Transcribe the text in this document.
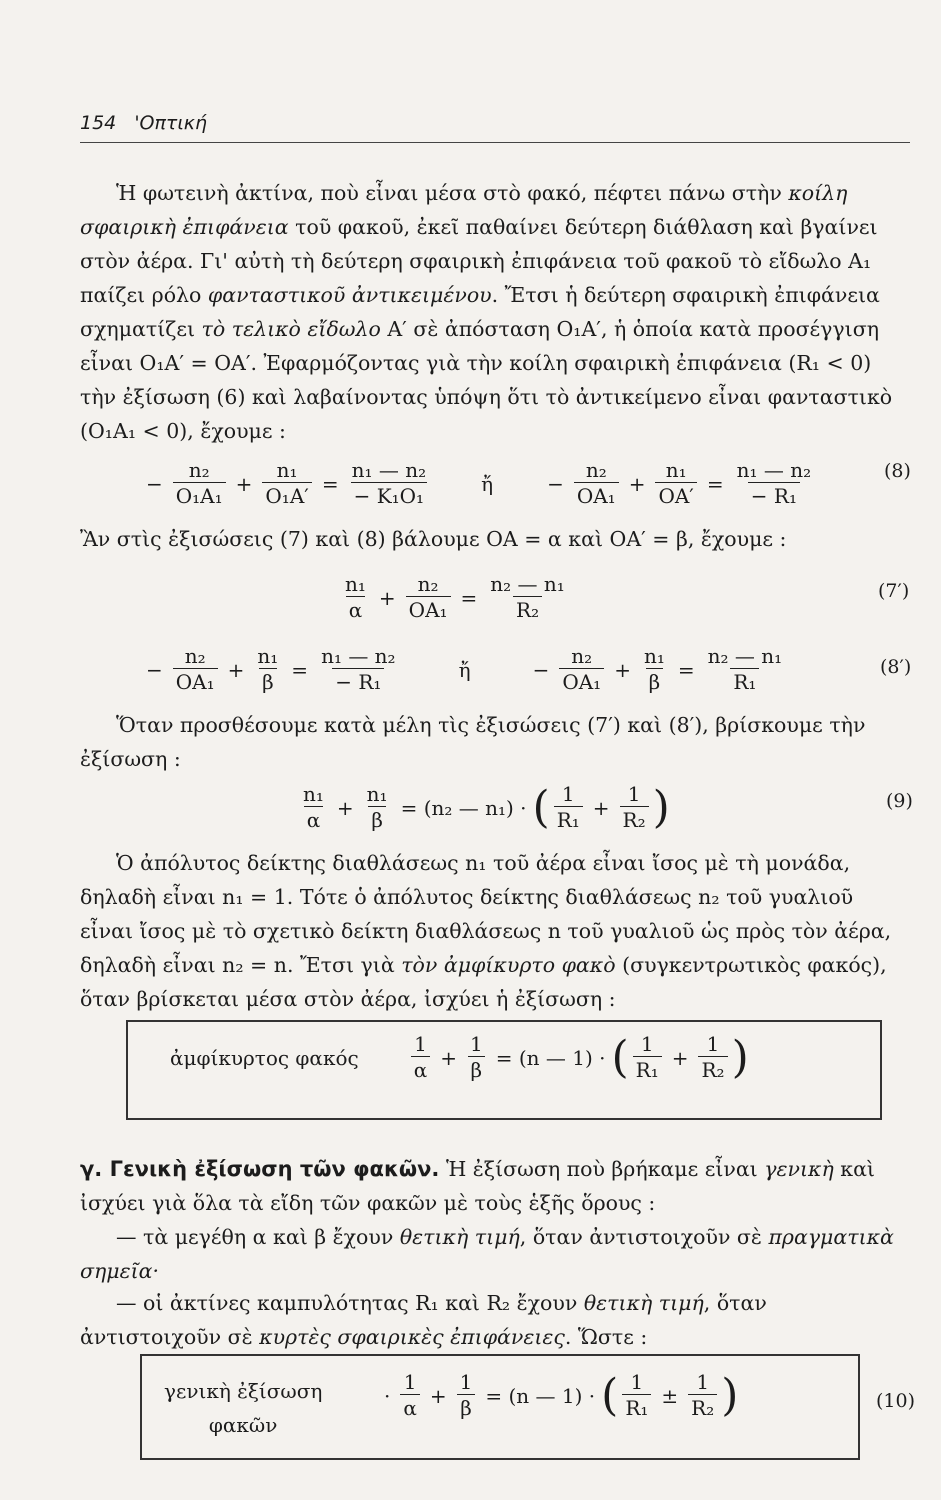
154 'Οπτική
Ἡ φωτεινὴ ἀκτίνα, ποὺ εἶναι μέσα στὸ φακό, πέφτει πάνω στὴν κοίλη σφαιρικὴ ἐπιφάνεια τοῦ φακοῦ, ἐκεῖ παθαίνει δεύτερη διάθλαση καὶ βγαίνει στὸν ἀέρα. Γι' αὐτὴ τὴ δεύτερη σφαιρικὴ ἐπιφάνεια τοῦ φακοῦ τὸ εἴδωλο A₁ παίζει ρόλο φανταστικοῦ ἀντικειμένου. Ἔτσι ἡ δεύτερη σφαιρικὴ ἐπιφάνεια σχηματίζει τὸ τελικὸ εἴδωλο A′ σὲ ἀπόσταση O₁A′, ἡ ὁποία κατὰ προσέγγιση εἶναι O₁A′ = OA′. Ἐφαρμόζοντας γιὰ τὴν κοίλη σφαιρικὴ ἐπιφάνεια (R₁ < 0) τὴν ἐξίσωση (6) καὶ λαβαίνοντας ὑπόψη ὅτι τὸ ἀντικείμενο εἶναι φανταστικὸ (O₁A₁ < 0), ἔχουμε :
− $\frac{\text{n₂}}{\text{O₁A₁}} + \frac{\text{n₁}}{\text{O₁A′}} = \frac{\text{n₁ — n₂}}{\text{− K₁O₁}}$	ἤ	− $\frac{\text{n₂}}{\text{OA₁}} + \frac{\text{n₁}}{OA'} = \frac{\text{n₁ — n₂}}{\text{− R₁}}$	(8)
Ἂν στὶς ἐξισώσεις (7) καὶ (8) βάλουμε OA = α καὶ OA′ = β, ἔχουμε :
$\frac{\text{n₁}}{\alpha} + \frac{\text{n₂}}{\text{OA₁}} = \frac{\text{n₂ — n₁}}{\text{R₂}}$	(7′)
− $\frac{\text{n₂}}{\text{OA₁}} + \frac{\text{n₁}}{\beta} = \frac{\text{n₁ — n₂}}{\text{− R₁}}$	ἤ	− $\frac{\text{n₂}}{\text{OA₁}} + \frac{\text{n₁}}{\beta} = \frac{\text{n₂ — n₁}}{\text{R₁}}$	(8′)
Ὅταν προσθέσουμε κατὰ μέλη τὶς ἐξισώσεις (7′) καὶ (8′), βρίσκουμε τὴν ἐξίσωση :
$\frac{\text{n₁}}{\alpha} + \frac{\text{n₁}}{\beta} = (n_2$ — n₁) · ( $\frac{1}{\text{R₁}} + \frac{1}{\text{R₂}}$ )	(9)
Ὁ ἀπόλυτος δείκτης διαθλάσεως n₁ τοῦ ἀέρα εἶναι ἴσος μὲ τὴ μονάδα, δηλαδὴ εἶναι n₁ = 1. Τότε ὁ ἀπόλυτος δείκτης διαθλάσεως n₂ τοῦ γυαλιοῦ εἶναι ἴσος μὲ τὸ σχετικὸ δείκτη διαθλάσεως n τοῦ γυαλιοῦ ὡς πρὸς τὸν ἀέρα, δηλαδὴ εἶναι n₂ = n. Ἔτσι γιὰ τὸν ἀμφίκυρτο φακὸ (συγκεντρωτικὸς φακός), ὅταν βρίσκεται μέσα στὸν ἀέρα, ἰσχύει ἡ ἐξίσωση :
ἀμφίκυρτος φακός	$\frac{1}{\alpha} + \frac{1}{\beta} = (n$ — 1) · ( $\frac{1}{\text{R₁}} + \frac{1}{\text{R₂}}$ )
γ. Γενικὴ ἐξίσωση τῶν φακῶν. Ἡ ἐξίσωση ποὺ βρήκαμε εἶναι γενικὴ καὶ ἰσχύει γιὰ ὅλα τὰ εἴδη τῶν φακῶν μὲ τοὺς ἑξῆς ὅρους :
— τὰ μεγέθη α καὶ β ἔχουν θετικὴ τιμή, ὅταν ἀντιστοιχοῦν σὲ πραγματικὰ σημεῖα·
— οἱ ἀκτίνες καμπυλότητας R₁ καὶ R₂ ἔχουν θετικὴ τιμή, ὅταν ἀντιστοιχοῦν σὲ κυρτὲς σφαιρικὲς ἐπιφάνειες. Ὥστε :
γενικὴ ἐξίσωση
φακῶν
· $\frac{1}{\alpha} + \frac{1}{\beta} = (n$ — 1) · ( $\frac{1}{\text{R₁}} \pm \frac{1}{\text{R₂}}$ )	(10)
